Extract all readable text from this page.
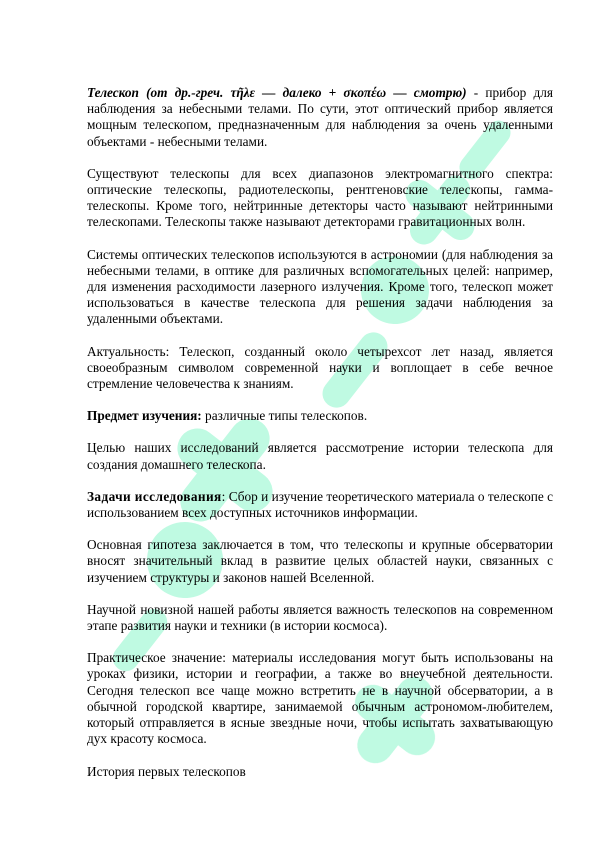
Телескоп (от др.-греч. τῆλε — далеко + σκοπέω — смотрю) - прибор для наблюдения за небесными телами. По сути, этот оптический прибор является мощным телескопом, предназначенным для наблюдения за очень удаленными объектами - небесными телами.

Существуют телескопы для всех диапазонов электромагнитного спектра: оптические телескопы, радиотелескопы, рентгеновские телескопы, гамма-телескопы. Кроме того, нейтринные детекторы часто называют нейтринными телескопами. Телескопы также называют детекторами гравитационных волн.

Системы оптических телескопов используются в астрономии (для наблюдения за небесными телами, в оптике для различных вспомогательных целей: например, для изменения расходимости лазерного излучения. Кроме того, телескоп может использоваться в качестве телескопа для решения задачи наблюдения за удаленными объектами.

Актуальность: Телескоп, созданный около четырехсот лет назад, является своеобразным символом современной науки и воплощает в себе вечное стремление человечества к знаниям.

Предмет изучения: различные типы телескопов.

Целью наших исследований является рассмотрение истории телескопа для создания домашнего телескопа.

Задачи исследования: Сбор и изучение теоретического материала о телескопе с использованием всех доступных источников информации.

Основная гипотеза заключается в том, что телескопы и крупные обсерватории вносят значительный вклад в развитие целых областей науки, связанных с изучением структуры и законов нашей Вселенной.

Научной новизной нашей работы является важность телескопов на современном этапе развития науки и техники (в истории космоса).

Практическое значение: материалы исследования могут быть использованы на уроках физики, истории и географии, а также во внеучебной деятельности. Сегодня телескоп все чаще можно встретить не в научной обсерватории, а в обычной городской квартире, занимаемой обычным астрономом-любителем, который отправляется в ясные звездные ночи, чтобы испытать захватывающую дух красоту космоса.

История первых телескопов
